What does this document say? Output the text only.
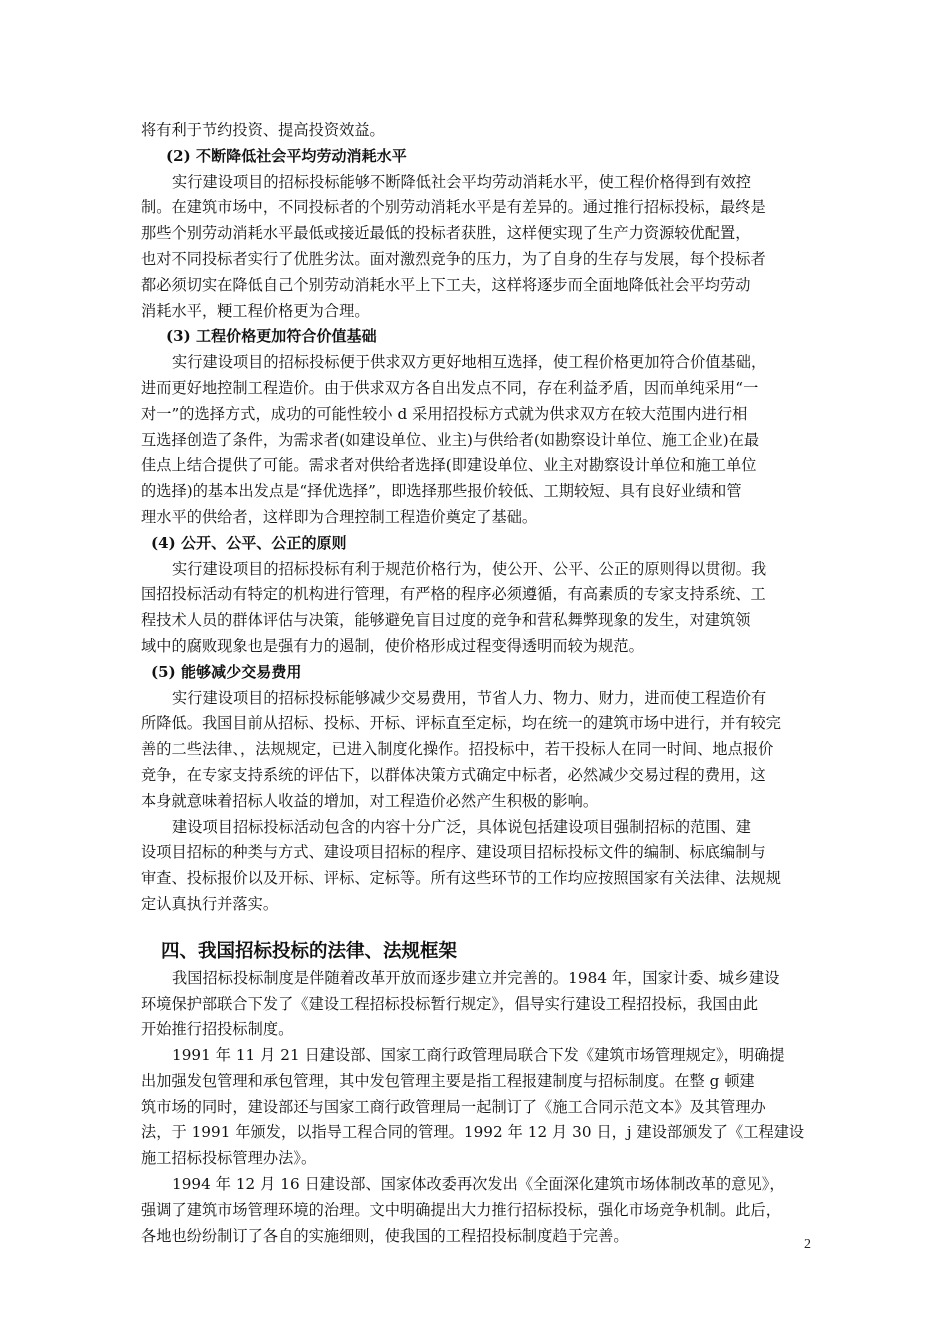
将有利于节约投资、提高投资效益。
(2) 不断降低社会平均劳动消耗水平
实行建设项目的招标投标能够不断降低社会平均劳动消耗水平，使工程价格得到有效控
制。在建筑市场中，不同投标者的个别劳动消耗水平是有差异的。通过推行招标投标，最终是
那些个别劳动消耗水平最低或接近最低的投标者获胜，这样便实现了生产力资源较优配置，
也对不同投标者实行了优胜劣汰。面对激烈竞争的压力，为了自身的生存与发展，每个投标者
都必须切实在降低自己个别劳动消耗水平上下工夫，这样将逐步而全面地降低社会平均劳动
消耗水平，粳工程价格更为合理。
(3) 工程价格更加符合价值基础
实行建设项目的招标投标便于供求双方更好地相互选择，使工程价格更加符合价值基础，
进而更好地控制工程造价。由于供求双方各自出发点不同，存在利益矛盾，因而单纯采用“一
对一”的选择方式，成功的可能性较小 d 采用招投标方式就为供求双方在较大范围内进行相
互选择创造了条件，为需求者(如建设单位、业主)与供给者(如勘察设计单位、施工企业)在最
佳点上结合提供了可能。需求者对供给者选择(即建设单位、业主对勘察设计单位和施工单位
的选择)的基本出发点是“择优选择”，即选择那些报价较低、工期较短、具有良好业绩和管
理水平的供给者，这样即为合理控制工程造价奠定了基础。
(4) 公开、公平、公正的原则
实行建设项目的招标投标有利于规范价格行为，使公开、公平、公正的原则得以贯彻。我
国招投标活动有特定的机构进行管理，有严格的程序必须遵循，有高素质的专家支持系统、工
程技术人员的群体评估与决策，能够避免盲目过度的竞争和营私舞弊现象的发生，对建筑领
域中的腐败现象也是强有力的遏制，使价格形成过程变得透明而较为规范。
(5) 能够减少交易费用
实行建设项目的招标投标能够减少交易费用，节省人力、物力、财力，进而使工程造价有
所降低。我国目前从招标、投标、开标、评标直至定标，均在统一的建筑市场中进行，并有较完
善的二些法律、，法规规定，已进入制度化操作。招投标中，若干投标人在同一时间、地点报价
竞争，在专家支持系统的评估下，以群体决策方式确定中标者，必然减少交易过程的费用，这
本身就意味着招标人收益的增加，对工程造价必然产生积极的影响。
建设项目招标投标活动包含的内容十分广泛，具体说包括建设项目强制招标的范围、建
设项目招标的种类与方式、建设项目招标的程序、建设项目招标投标文件的编制、标底编制与
审查、投标报价以及开标、评标、定标等。所有这些环节的工作均应按照国家有关法律、法规规
定认真执行并落实。
四、我国招标投标的法律、法规框架
我国招标投标制度是伴随着改革开放而逐步建立并完善的。1984 年，国家计委、城乡建设
环境保护部联合下发了《建设工程招标投标暂行规定》，倡导实行建设工程招投标，我国由此
开始推行招投标制度。
1991 年 11 月 21 日建设部、国家工商行政管理局联合下发《建筑市场管理规定》，明确提
出加强发包管理和承包管理，其中发包管理主要是指工程报建制度与招标制度。在整 g 顿建
筑市场的同时，建设部还与国家工商行政管理局一起制订了《施工合同示范文本》及其管理办
法，于 1991 年颁发，以指导工程合同的管理。1992 年 12 月 30 日，j 建设部颁发了《工程建设
施工招标投标管理办法》。
1994 年 12 月 16 日建设部、国家体改委再次发出《全面深化建筑市场体制改革的意见》，
强调了建筑市场管理环境的治理。文中明确提出大力推行招标投标，强化市场竞争机制。此后，
各地也纷纷制订了各自的实施细则，使我国的工程招投标制度趋于完善。	2
